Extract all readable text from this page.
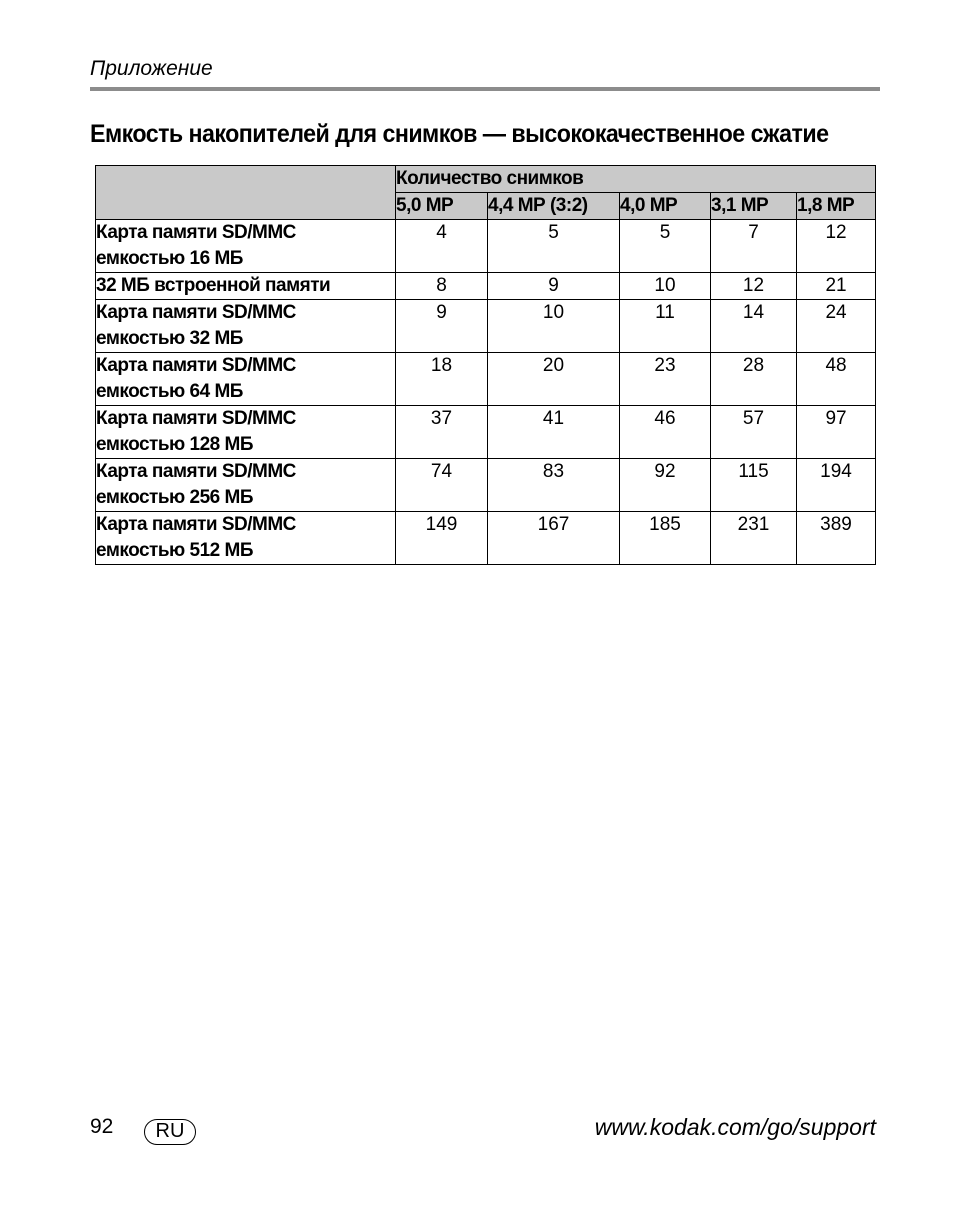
Приложение
Емкость накопителей для снимков — высококачественное сжатие
	Количество снимков				
	5,0 МР	4,4 МР (3:2)	4,0 МР	3,1 МР	1,8 МР

Карта памяти SD/MMC
емкостью 16 МБ	4	5	5	7	12

32 МБ встроенной памяти	8	9	10	12	21

Карта памяти SD/MMC
емкостью 32 МБ	9	10	11	14	24

Карта памяти SD/MMC
емкостью 64 МБ	18	20	23	28	48

Карта памяти SD/MMC
емкостью 128 МБ	37	41	46	57	97

Карта памяти SD/MMC
емкостью 256 МБ	74	83	92	115	194

Карта памяти SD/MMC
емкостью 512 МБ	149	167	185	231	389
92	RU	www.kodak.com/go/support
